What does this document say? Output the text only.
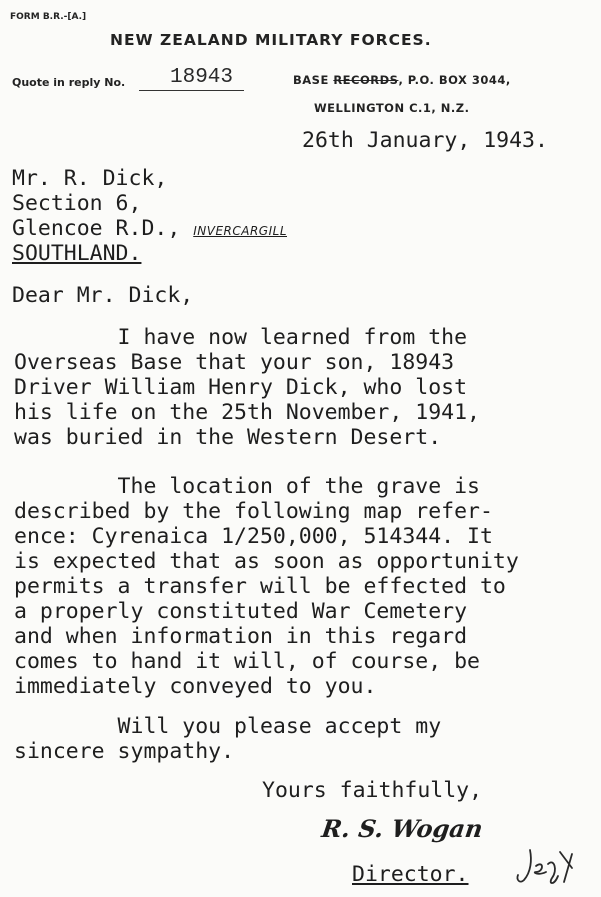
FORM B.R.-[A.]
NEW ZEALAND MILITARY FORCES.
Quote in reply No. 18943	BASE RECORDS, P.O. BOX 3044,
WELLINGTON C.1, N.Z.
26th January, 1943.
Mr. R. Dick,
Section 6,
Glencoe R.D., INVERCARGILL
SOUTHLAND.
Dear Mr. Dick,
I have now learned from the
Overseas Base that your son, 18943
Driver William Henry Dick, who lost
his life on the 25th November, 1941,
was buried in the Western Desert.
The location of the grave is
described by the following map refer-
ence: Cyrenaica 1/250,000, 514344. It
is expected that as soon as opportunity
permits a transfer will be effected to
a properly constituted War Cemetery
and when information in this regard
comes to hand it will, of course, be
immediately conveyed to you.
Will you please accept my
sincere sympathy.
Yours faithfully,
R. S. Wogan
Director.
